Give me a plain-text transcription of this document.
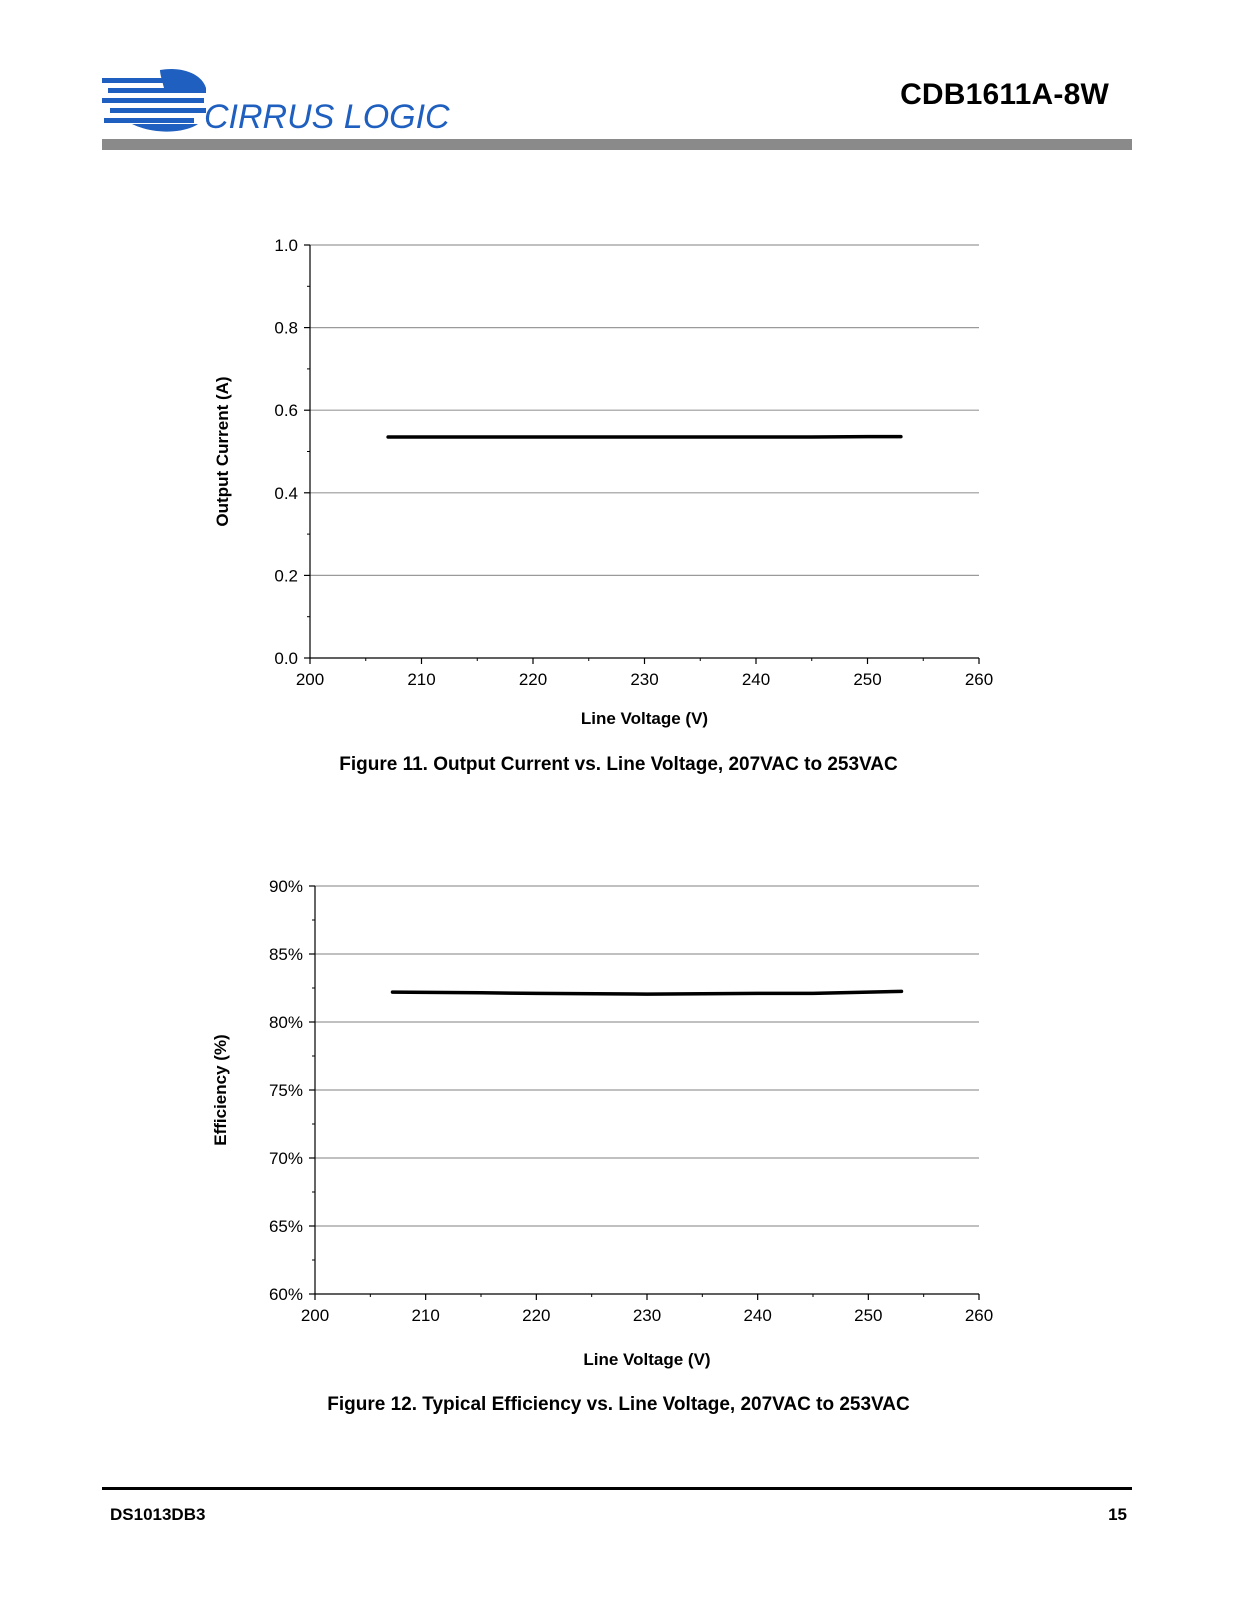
CIRRUS LOGIC
CDB1611A-8W
0.0
0.2
0.4
0.6
0.8
1.0
200	210	220	230	240	250	260
Line Voltage (V)
Output Current (A)
Figure 11. Output Current vs. Line Voltage, 207VAC to 253VAC
60%
65%
70%
75%
80%
85%
90%
200	210	220	230	240	250	260
Line Voltage (V)
Efficiency (%)
Figure 12. Typical Efficiency vs. Line Voltage, 207VAC to 253VAC
DS1013DB3	15
